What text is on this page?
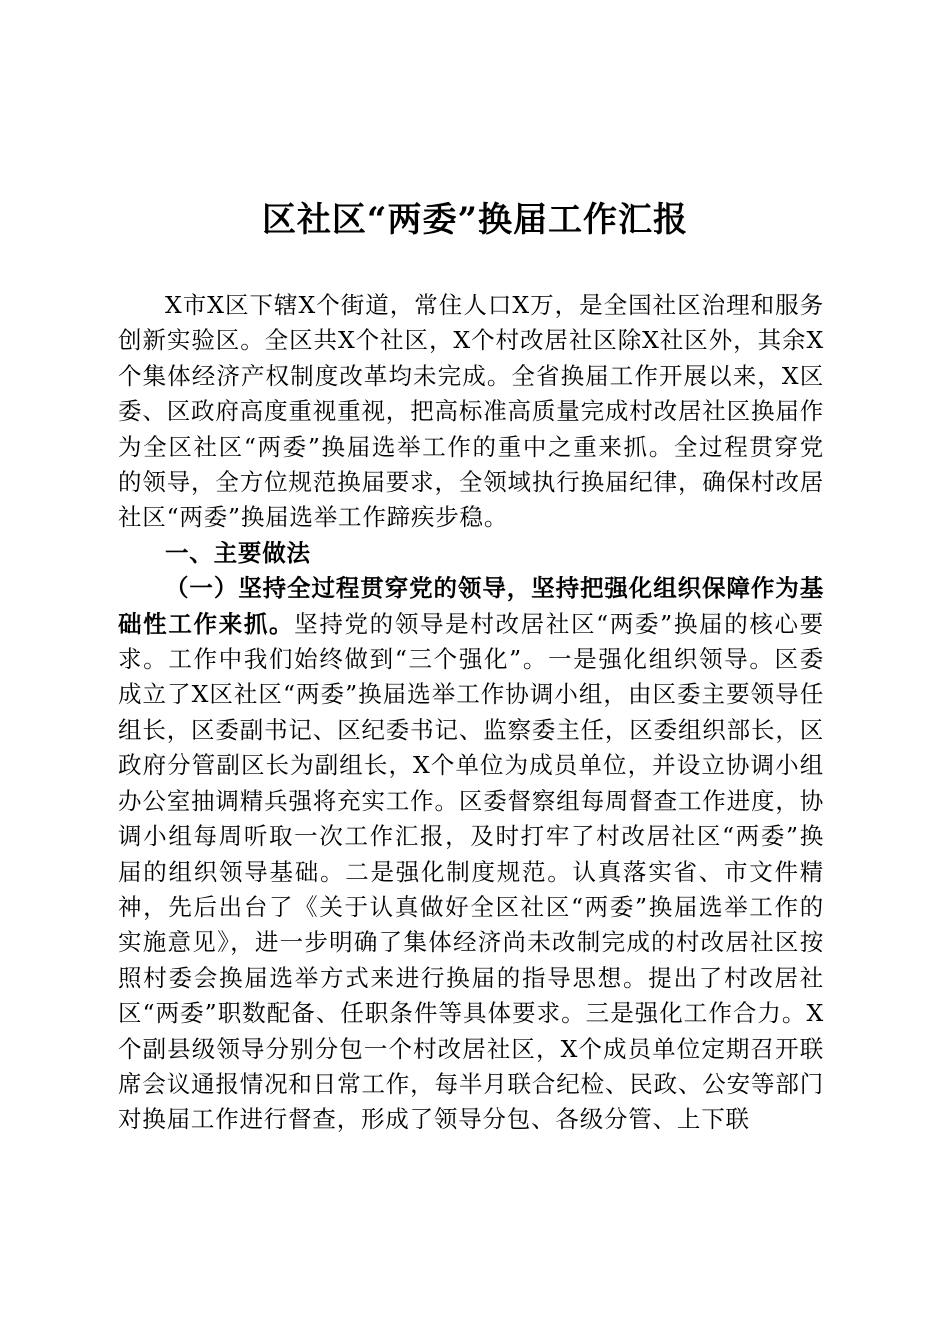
区社区“两委”换届工作汇报

X市X区下辖X个街道，常住人口X万，是全国社区治理和服务创新实验区。全区共X个社区，X个村改居社区除X社区外，其余X个集体经济产权制度改革均未完成。全省换届工作开展以来，X区委、区政府高度重视重视，把高标准高质量完成村改居社区换届作为全区社区“两委”换届选举工作的重中之重来抓。全过程贯穿党的领导，全方位规范换届要求，全领域执行换届纪律，确保村改居社区“两委”换届选举工作蹄疾步稳。

一、主要做法

（一）坚持全过程贯穿党的领导，坚持把强化组织保障作为基础性工作来抓。坚持党的领导是村改居社区“两委”换届的核心要求。工作中我们始终做到“三个强化”。一是强化组织领导。区委成立了X区社区“两委”换届选举工作协调小组，由区委主要领导任组长，区委副书记、区纪委书记、监察委主任，区委组织部长，区政府分管副区长为副组长，X个单位为成员单位，并设立协调小组办公室抽调精兵强将充实工作。区委督察组每周督查工作进度，协调小组每周听取一次工作汇报，及时打牢了村改居社区“两委”换届的组织领导基础。二是强化制度规范。认真落实省、市文件精神，先后出台了《关于认真做好全区社区“两委”换届选举工作的实施意见》，进一步明确了集体经济尚未改制完成的村改居社区按照村委会换届选举方式来进行换届的指导思想。提出了村改居社区“两委”职数配备、任职条件等具体要求。三是强化工作合力。X个副县级领导分别分包一个村改居社区，X个成员单位定期召开联席会议通报情况和日常工作，每半月联合纪检、民政、公安等部门对换届工作进行督查，形成了领导分包、各级分管、上下联
